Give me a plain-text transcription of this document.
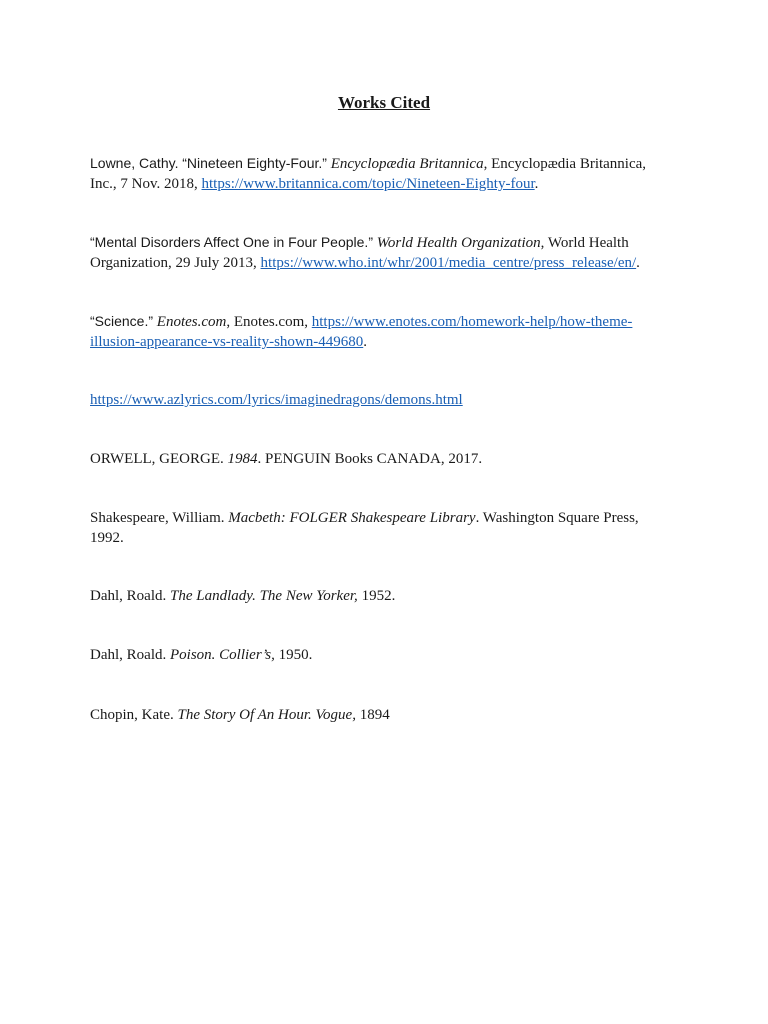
Works Cited
Lowne, Cathy. “Nineteen Eighty-Four.” Encyclopædia Britannica, Encyclopædia Britannica, Inc., 7 Nov. 2018, https://www.britannica.com/topic/Nineteen-Eighty-four.
“Mental Disorders Affect One in Four People.” World Health Organization, World Health Organization, 29 July 2013, https://www.who.int/whr/2001/media_centre/press_release/en/.
“Science.” Enotes.com, Enotes.com, https://www.enotes.com/homework-help/how-theme-illusion-appearance-vs-reality-shown-449680.
https://www.azlyrics.com/lyrics/imaginedragons/demons.html
ORWELL, GEORGE. 1984. PENGUIN Books CANADA, 2017.
Shakespeare, William. Macbeth: FOLGER Shakespeare Library. Washington Square Press, 1992.
Dahl, Roald. The Landlady. The New Yorker, 1952.
Dahl, Roald. Poison. Collier’s, 1950.
Chopin, Kate. The Story Of An Hour. Vogue, 1894
